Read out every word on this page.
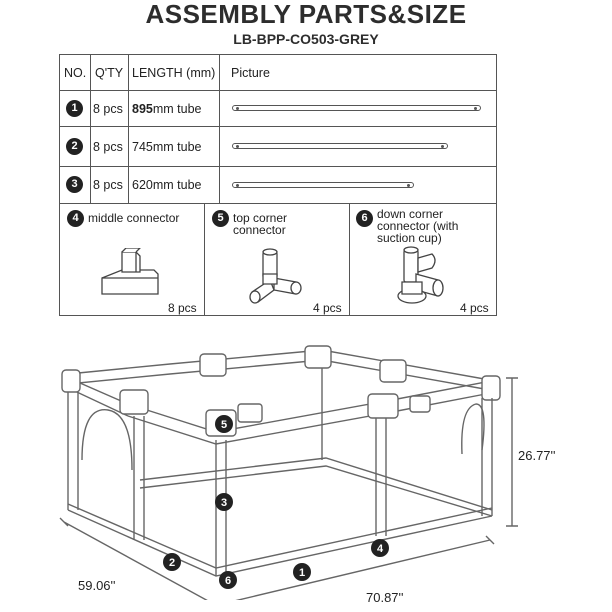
ASSEMBLY PARTS&SIZE
LB-BPP-CO503-GREY
NO. Q'TY LENGTH (mm) Picture
1	8 pcs 895mm tube
2	8 pcs 745mm tube
3	8 pcs 620mm tube
4 middle connector
8 pcs
5 top corner
connector
4 pcs
6 down corner
connector (with
suction cup)
4 pcs
5
3
2
4
1
6
26.77''
59.06''
70.87''
